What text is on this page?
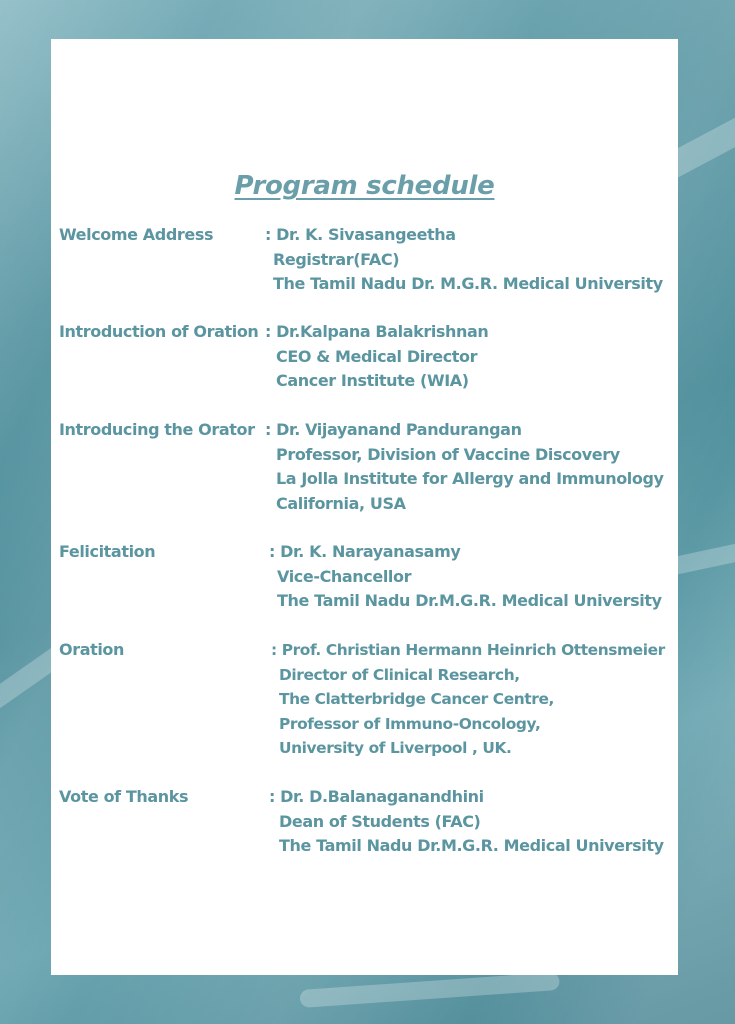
Program schedule
Welcome Address	: Dr. K. Sivasangeetha
Registrar(FAC)
The Tamil Nadu Dr. M.G.R. Medical University
Introduction of Oration : Dr.Kalpana Balakrishnan
CEO & Medical Director
Cancer Institute (WIA)
Introducing the Orator : Dr. Vijayanand Pandurangan
Professor, Division of Vaccine Discovery
La Jolla Institute for Allergy and Immunology
California, USA
Felicitation	: Dr. K. Narayanasamy
Vice-Chancellor
The Tamil Nadu Dr.M.G.R. Medical University
Oration	: Prof. Christian Hermann Heinrich Ottensmeier
Director of Clinical Research,
The Clatterbridge Cancer Centre,
Professor of Immuno-Oncology,
University of Liverpool , UK.
Vote of Thanks	: Dr. D.Balanaganandhini
Dean of Students (FAC)
The Tamil Nadu Dr.M.G.R. Medical University
